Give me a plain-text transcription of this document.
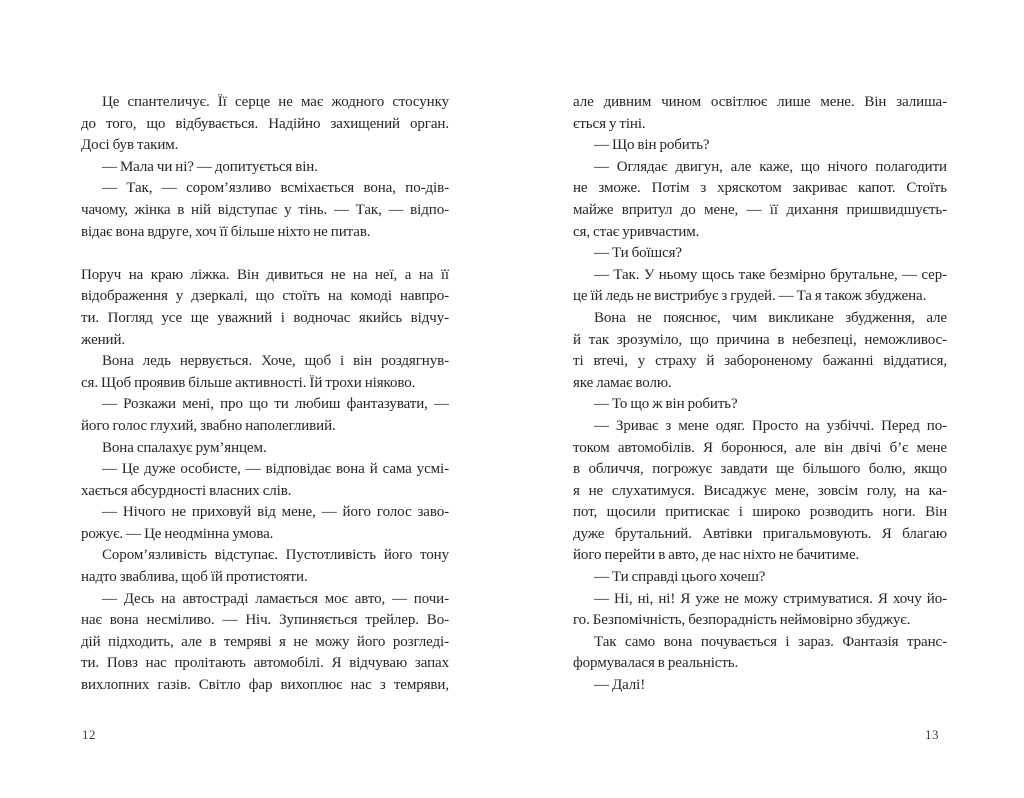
Це спантеличує. Її серце не має жодного стосунку
до того, що відбувається. Надійно захищений орган.
Досі був таким.
— Мала чи ні? — допитується він.
— Так, — сором’язливо всміхається вона, по-дів-
чачому, жінка в ній відступає у тінь. — Так, — відпо-
відає вона вдруге, хоч її більше ніхто не питав.
Поруч на краю ліжка. Він дивиться не на неї, а на її
відображення у дзеркалі, що стоїть на комоді навпро-
ти. Погляд усе ще уважний і водночас якийсь відчу-
жений.
Вона ледь нервується. Хоче, щоб і він роздягнув-
ся. Щоб проявив більше активності. Їй трохи ніяково.
— Розкажи мені, про що ти любиш фантазувати, —
його голос глухий, звабно наполегливий.
Вона спалахує рум’янцем.
— Це дуже особисте, — відповідає вона й сама усмі-
хається абсурдності власних слів.
— Нічого не приховуй від мене, — його голос заво-
рожує. — Це неодмінна умова.
Сором’язливість відступає. Пустотливість його тону
надто зваблива, щоб їй протистояти.
— Десь на автостраді ламається моє авто, — почи-
нає вона несміливо. — Ніч. Зупиняється трейлер. Во-
дій підходить, але в темряві я не можу його розгледі-
ти. Повз нас пролітають автомобілі. Я відчуваю запах
вихлопних газів. Світло фар вихоплює нас з темряви,
12
але дивним чином освітлює лише мене. Він залиша-
ється у тіні.
— Що він робить?
— Оглядає двигун, але каже, що нічого полагодити
не зможе. Потім з хряскотом закриває капот. Стоїть
майже впритул до мене, — її дихання пришвидшуєть-
ся, стає уривчастим.
— Ти боїшся?
— Так. У ньому щось таке безмірно брутальне, — сер-
це їй ледь не вистрибує з грудей. — Та я також збуджена.
Вона не пояснює, чим викликане збудження, але
й так зрозуміло, що причина в небезпеці, неможливос-
ті втечі, у страху й забороненому бажанні віддатися,
яке ламає волю.
— То що ж він робить?
— Зриває з мене одяг. Просто на узбіччі. Перед по-
током автомобілів. Я боронюся, але він двічі б’є мене
в обличчя, погрожує завдати ще більшого болю, якщо
я не слухатимуся. Висаджує мене, зовсім голу, на ка-
пот, щосили притискає і широко розводить ноги. Він
дуже брутальний. Автівки пригальмовують. Я благаю
його перейти в авто, де нас ніхто не бачитиме.
— Ти справді цього хочеш?
— Ні, ні, ні! Я уже не можу стримуватися. Я хочу йо-
го. Безпомічність, безпорадність неймовірно збуджує.
Так само вона почувається і зараз. Фантазія транс-
формувалася в реальність.
— Далі!
13
